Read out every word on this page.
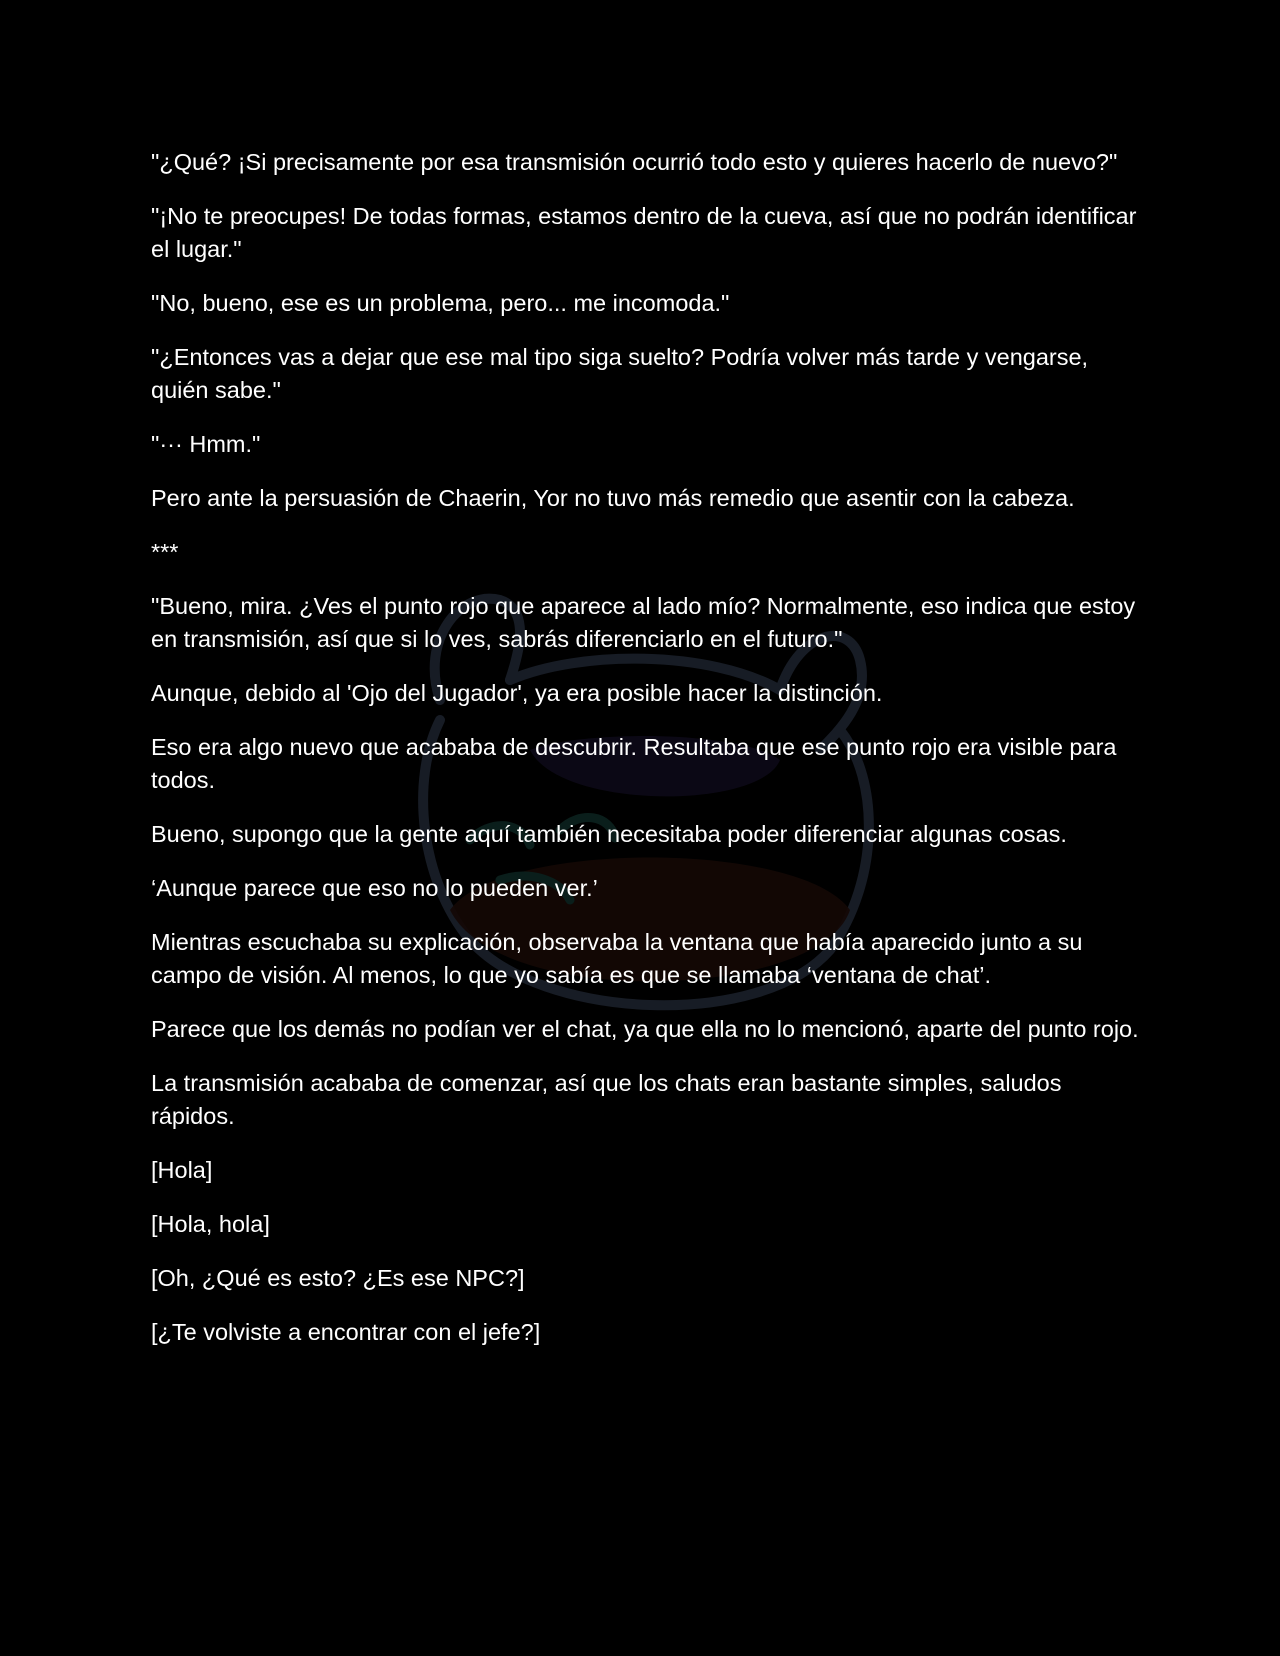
"¿Qué? ¡Si precisamente por esa transmisión ocurrió todo esto y quieres hacerlo de nuevo?"

"¡No te preocupes! De todas formas, estamos dentro de la cueva, así que no podrán identificar el lugar."

"No, bueno, ese es un problema, pero... me incomoda."

"¿Entonces vas a dejar que ese mal tipo siga suelto? Podría volver más tarde y vengarse, quién sabe."

"··· Hmm."

Pero ante la persuasión de Chaerin, Yor no tuvo más remedio que asentir con la cabeza.

***

"Bueno, mira. ¿Ves el punto rojo que aparece al lado mío? Normalmente, eso indica que estoy en transmisión, así que si lo ves, sabrás diferenciarlo en el futuro."

Aunque, debido al 'Ojo del Jugador', ya era posible hacer la distinción.

Eso era algo nuevo que acababa de descubrir. Resultaba que ese punto rojo era visible para todos.

Bueno, supongo que la gente aquí también necesitaba poder diferenciar algunas cosas.

‘Aunque parece que eso no lo pueden ver.’

Mientras escuchaba su explicación, observaba la ventana que había aparecido junto a su campo de visión. Al menos, lo que yo sabía es que se llamaba ‘ventana de chat’.

Parece que los demás no podían ver el chat, ya que ella no lo mencionó, aparte del punto rojo.

La transmisión acababa de comenzar, así que los chats eran bastante simples, saludos rápidos.

[Hola]

[Hola, hola]

[Oh, ¿Qué es esto? ¿Es ese NPC?]

[¿Te volviste a encontrar con el jefe?]
